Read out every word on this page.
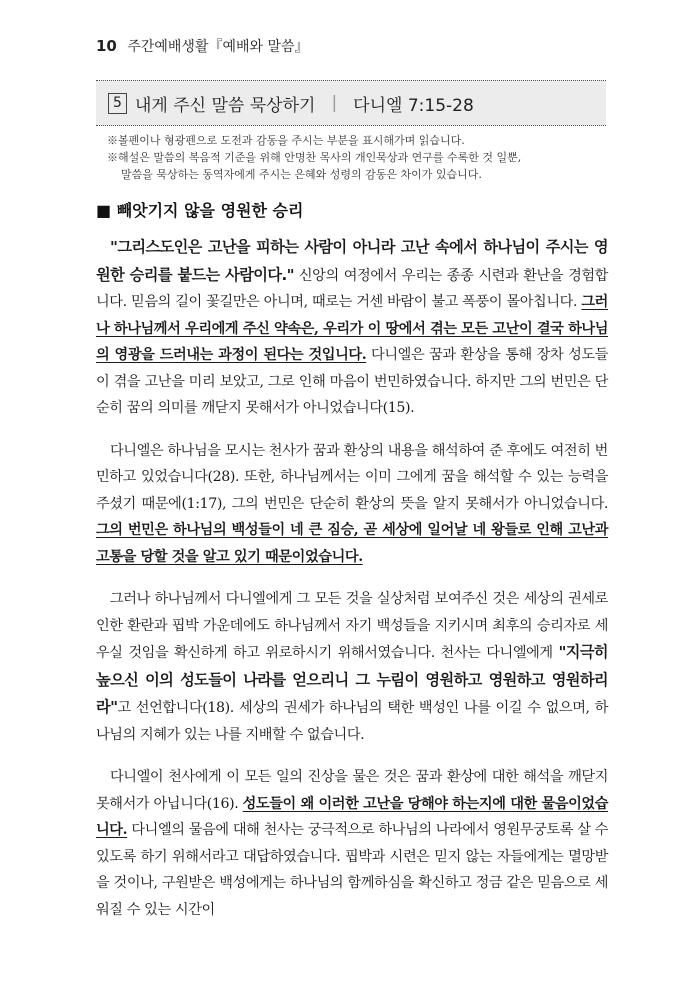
10 주간예배생활『예배와 말씀』
5 내게 주신 말씀 묵상하기 | 다니엘 7:15-28
※볼펜이나 형광펜으로 도전과 감동을 주시는 부분을 표시해가며 읽습니다.
※해설은 말씀의 복음적 기준을 위해 안명찬 목사의 개인묵상과 연구를 수록한 것 일뿐,
말씀을 묵상하는 동역자에게 주시는 은혜와 성령의 감동은 차이가 있습니다.
■ 빼앗기지 않을 영원한 승리

"그리스도인은 고난을 피하는 사람이 아니라 고난 속에서 하나님이 주시는 영원한 승리를 붙드는 사람이다." 신앙의 여정에서 우리는 종종 시련과 환난을 경험합니다. 믿음의 길이 꽃길만은 아니며, 때로는 거센 바람이 불고 폭풍이 몰아칩니다. 그러나 하나님께서 우리에게 주신 약속은, 우리가 이 땅에서 겪는 모든 고난이 결국 하나님의 영광을 드러내는 과정이 된다는 것입니다. 다니엘은 꿈과 환상을 통해 장차 성도들이 겪을 고난을 미리 보았고, 그로 인해 마음이 번민하였습니다. 하지만 그의 번민은 단순히 꿈의 의미를 깨닫지 못해서가 아니었습니다(15).

다니엘은 하나님을 모시는 천사가 꿈과 환상의 내용을 해석하여 준 후에도 여전히 번민하고 있었습니다(28). 또한, 하나님께서는 이미 그에게 꿈을 해석할 수 있는 능력을 주셨기 때문에(1:17), 그의 번민은 단순히 환상의 뜻을 알지 못해서가 아니었습니다. 그의 번민은 하나님의 백성들이 네 큰 짐승, 곧 세상에 일어날 네 왕들로 인해 고난과 고통을 당할 것을 알고 있기 때문이었습니다.

그러나 하나님께서 다니엘에게 그 모든 것을 실상처럼 보여주신 것은 세상의 권세로 인한 환란과 핍박 가운데에도 하나님께서 자기 백성들을 지키시며 최후의 승리자로 세우실 것임을 확신하게 하고 위로하시기 위해서였습니다. 천사는 다니엘에게 "지극히 높으신 이의 성도들이 나라를 얻으리니 그 누림이 영원하고 영원하고 영원하리라"고 선언합니다(18). 세상의 권세가 하나님의 택한 백성인 나를 이길 수 없으며, 하나님의 지혜가 있는 나를 지배할 수 없습니다.

다니엘이 천사에게 이 모든 일의 진상을 물은 것은 꿈과 환상에 대한 해석을 깨닫지 못해서가 아닙니다(16). 성도들이 왜 이러한 고난을 당해야 하는지에 대한 물음이었습니다. 다니엘의 물음에 대해 천사는 궁극적으로 하나님의 나라에서 영원무궁토록 살 수 있도록 하기 위해서라고 대답하였습니다. 핍박과 시련은 믿지 않는 자들에게는 멸망받을 것이나, 구원받은 백성에게는 하나님의 함께하심을 확신하고 정금 같은 믿음으로 세워질 수 있는 시간이
